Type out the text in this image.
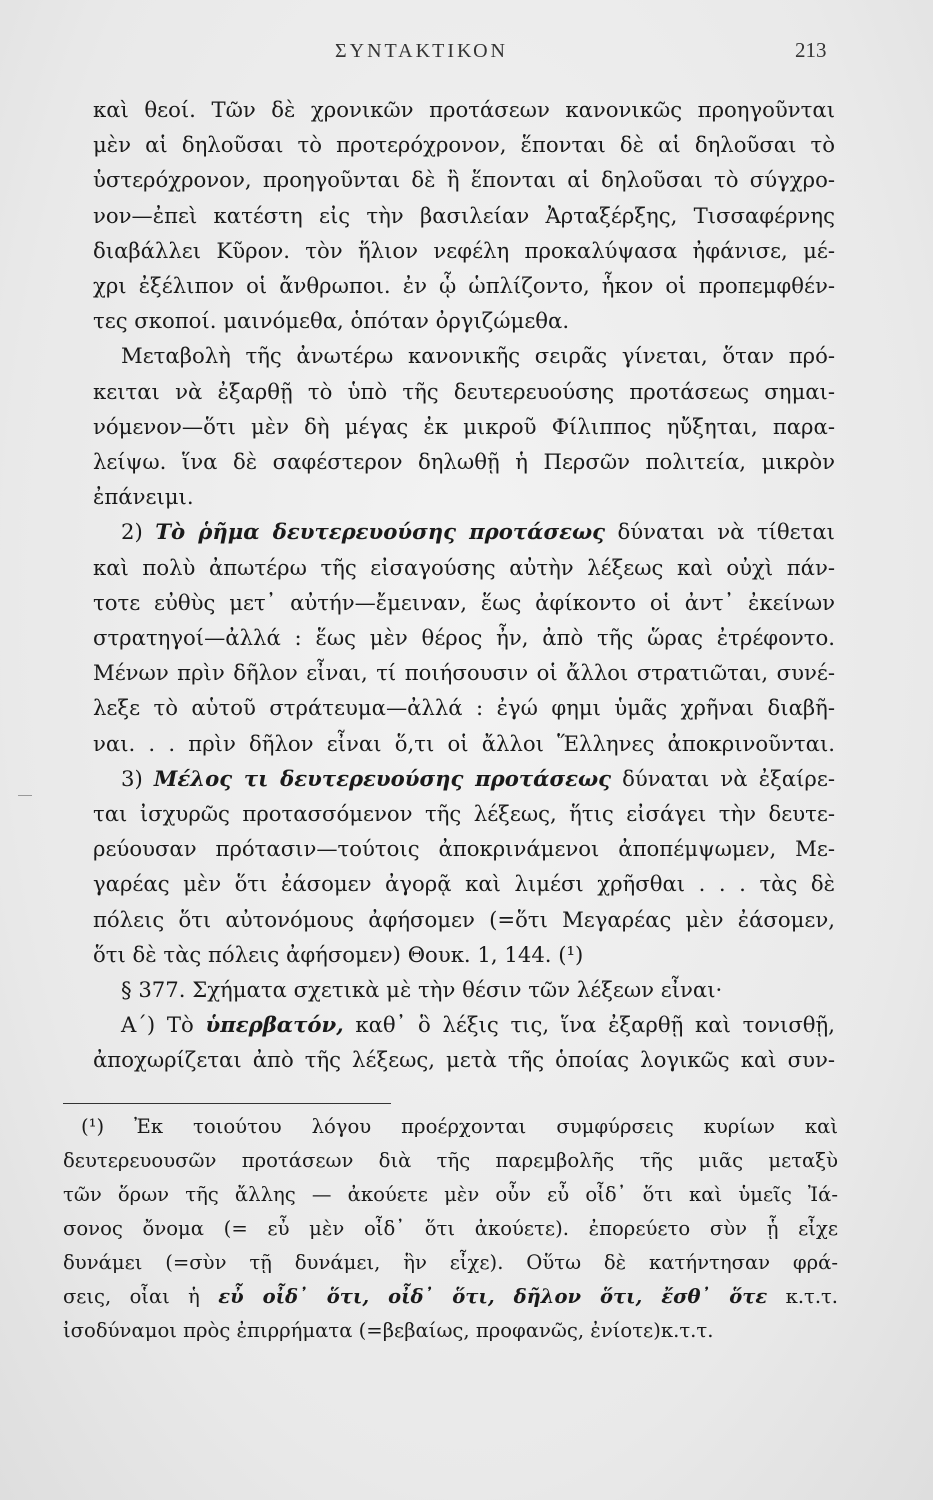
ΣΥΝΤΑΚΤΙΚΟΝ	213
καὶ θεοί. Τῶν δὲ χρονικῶν προτάσεων κανονικῶς προηγοῦνται
μὲν αἱ δηλοῦσαι τὸ προτερόχρονον, ἕπονται δὲ αἱ δηλοῦσαι τὸ
ὑστερόχρονον, προηγοῦνται δὲ ἢ ἕπονται αἱ δηλοῦσαι τὸ σύγχρο-
νον—ἐπεὶ κατέστη εἰς τὴν βασιλείαν Ἀρταξέρξης, Τισσαφέρνης
διαβάλλει Κῦρον. τὸν ἥλιον νεφέλη προκαλύψασα ἠφάνισε, μέ-
χρι ἐξέλιπον οἱ ἄνθρωποι. ἐν ᾧ ὡπλίζοντο, ἧκον οἱ προπεμφθέν-
τες σκοποί. μαινόμεθα, ὁπόταν ὀργιζώμεθα.
Μεταβολὴ τῆς ἀνωτέρω κανονικῆς σειρᾶς γίνεται, ὅταν πρό-
κειται νὰ ἐξαρθῇ τὸ ὑπὸ τῆς δευτερευούσης προτάσεως σημαι-
νόμενον—ὅτι μὲν δὴ μέγας ἐκ μικροῦ Φίλιππος ηὔξηται, παρα-
λείψω. ἵνα δὲ σαφέστερον δηλωθῇ ἡ Περσῶν πολιτεία, μικρὸν
ἐπάνειμι.
2) Τὸ ῥῆμα δευτερευούσης προτάσεως δύναται νὰ τίθεται
καὶ πολὺ ἀπωτέρω τῆς εἰσαγούσης αὐτὴν λέξεως καὶ οὐχὶ πάν-
τοτε εὐθὺς μετ᾽ αὐτήν—ἔμειναν, ἕως ἀφίκοντο οἱ ἀντ᾽ ἐκείνων
στρατηγοί—ἀλλά : ἕως μὲν θέρος ἦν, ἀπὸ τῆς ὥρας ἐτρέφοντο.
Μένων πρὶν δῆλον εἶναι, τί ποιήσουσιν οἱ ἄλλοι στρατιῶται, συνέ-
λεξε τὸ αὑτοῦ στράτευμα—ἀλλά : ἐγώ φημι ὑμᾶς χρῆναι διαβῆ-
ναι. . . πρὶν δῆλον εἶναι ὅ,τι οἱ ἄλλοι Ἕλληνες ἀποκρινοῦνται.
3) Μέλος τι δευτερευούσης προτάσεως δύναται νὰ ἐξαίρε-
ται ἰσχυρῶς προτασσόμενον τῆς λέξεως, ἥτις εἰσάγει τὴν δευτε-
ρεύουσαν πρότασιν—τούτοις ἀποκρινάμενοι ἀποπέμψωμεν, Με-
γαρέας μὲν ὅτι ἐάσομεν ἀγορᾷ καὶ λιμέσι χρῆσθαι . . . τὰς δὲ
πόλεις ὅτι αὐτονόμους ἀφήσομεν (=ὅτι Μεγαρέας μὲν ἐάσομεν,
ὅτι δὲ τὰς πόλεις ἀφήσομεν) Θουκ. 1, 144. (¹)
§ 377. Σχήματα σχετικὰ μὲ τὴν θέσιν τῶν λέξεων εἶναι·
Α΄) Τὸ ὑπερβατόν, καθ᾽ ὃ λέξις τις, ἵνα ἐξαρθῇ καὶ τονισθῇ,
ἀποχωρίζεται ἀπὸ τῆς λέξεως, μετὰ τῆς ὁποίας λογικῶς καὶ συν-
(¹) Ἐκ τοιούτου λόγου προέρχονται συμφύρσεις κυρίων καὶ
δευτερευουσῶν προτάσεων διὰ τῆς παρεμβολῆς τῆς μιᾶς μεταξὺ
τῶν ὅρων τῆς ἄλλης — ἀκούετε μὲν οὖν εὖ οἶδ᾽ ὅτι καὶ ὑμεῖς Ἰά-
σονος ὄνομα (= εὖ μὲν οἶδ᾽ ὅτι ἀκούετε). ἐπορεύετο σὺν ᾗ εἶχε
δυνάμει (=σὺν τῇ δυνάμει, ἣν εἶχε). Οὕτω δὲ κατήντησαν φρά-
σεις, οἷαι ἡ εὖ οἶδ᾽ ὅτι, οἶδ᾽ ὅτι, δῆλον ὅτι, ἔσθ᾽ ὅτε κ.τ.τ.
ἰσοδύναμοι πρὸς ἐπιρρήματα (=βεβαίως, προφανῶς, ἐνίοτε)κ.τ.τ.
